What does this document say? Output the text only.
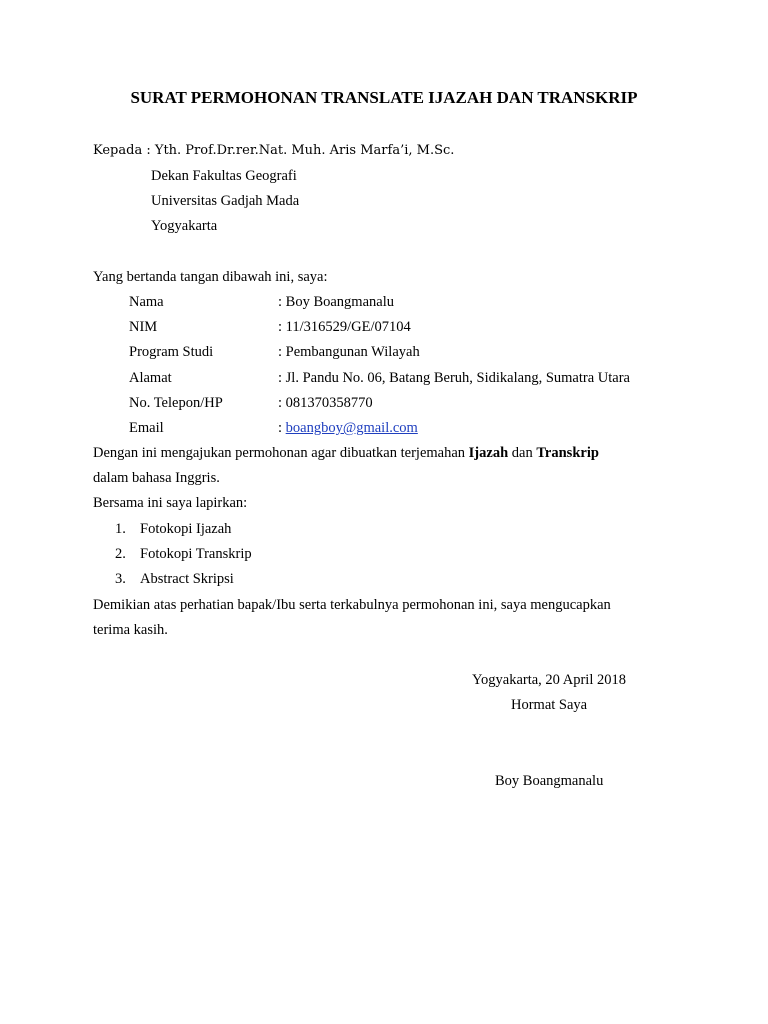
SURAT PERMOHONAN TRANSLATE IJAZAH DAN TRANSKRIP
Kepada : Yth. Prof.Dr.rer.Nat. Muh. Aris Marfa’i, M.Sc.
Dekan Fakultas Geografi
Universitas Gadjah Mada
Yogyakarta
Yang bertanda tangan dibawah ini, saya:
Nama	: Boy Boangmanalu
NIM	: 11/316529/GE/07104
Program Studi	: Pembangunan Wilayah
Alamat	: Jl. Pandu No. 06, Batang Beruh, Sidikalang, Sumatra Utara
No. Telepon/HP	: 081370358770
Email	: boangboy@gmail.com
Dengan ini mengajukan permohonan agar dibuatkan terjemahan Ijazah dan Transkrip
dalam bahasa Inggris.
Bersama ini saya lapirkan:
1. Fotokopi Ijazah
2. Fotokopi Transkrip
3. Abstract Skripsi
Demikian atas perhatian bapak/Ibu serta terkabulnya permohonan ini, saya mengucapkan
terima kasih.
Yogyakarta, 20 April 2018
Hormat Saya
Boy Boangmanalu
